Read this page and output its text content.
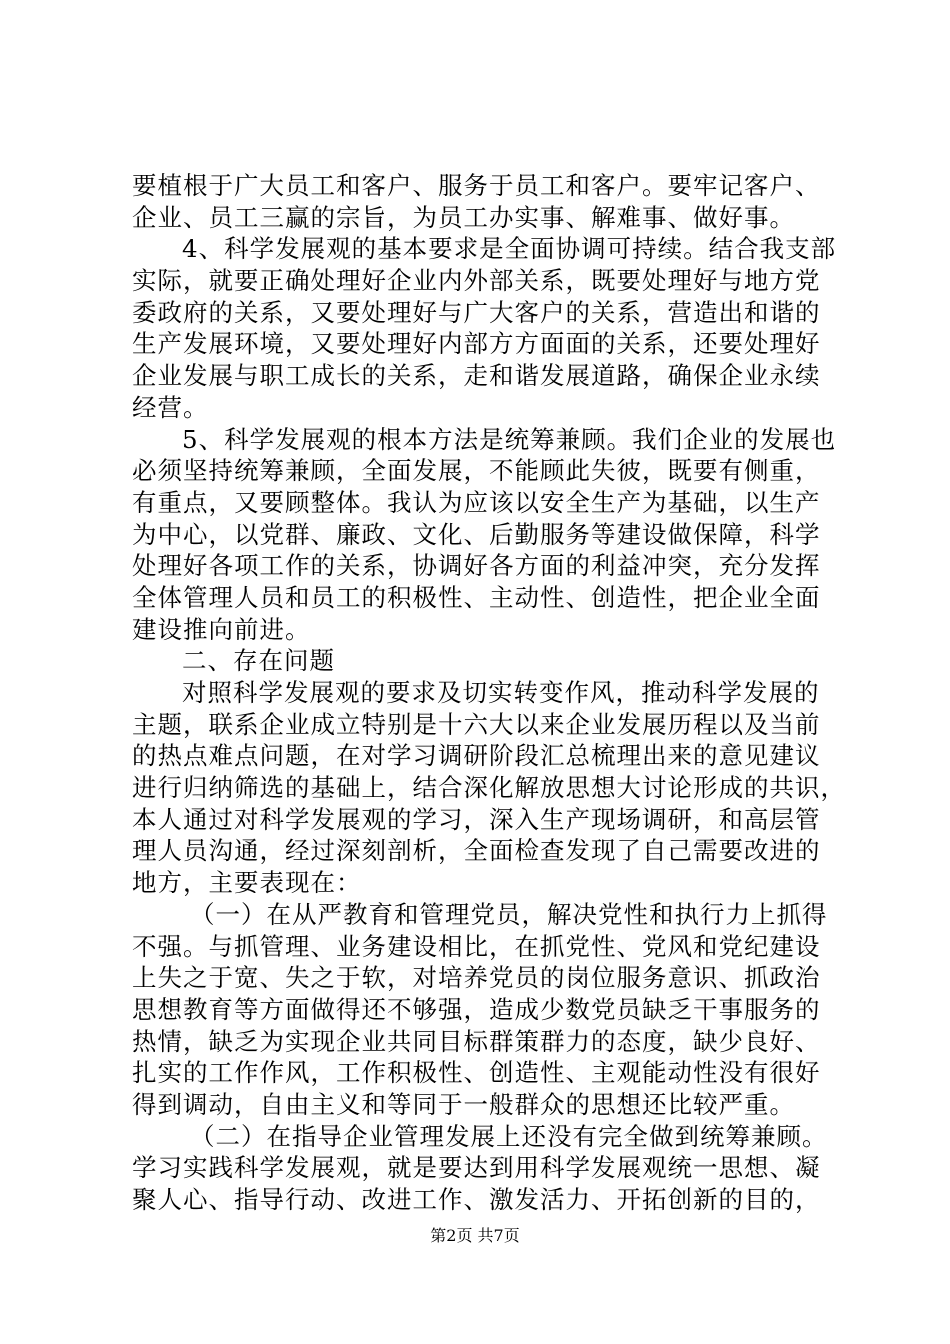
要植根于广大员工和客户、服务于员工和客户。要牢记客户、
企业、员工三赢的宗旨，为员工办实事、解难事、做好事。
4、科学发展观的基本要求是全面协调可持续。结合我支部
实际，就要正确处理好企业内外部关系，既要处理好与地方党
委政府的关系，又要处理好与广大客户的关系，营造出和谐的
生产发展环境，又要处理好内部方方面面的关系，还要处理好
企业发展与职工成长的关系，走和谐发展道路，确保企业永续
经营。
5、科学发展观的根本方法是统筹兼顾。我们企业的发展也
必须坚持统筹兼顾，全面发展，不能顾此失彼，既要有侧重，
有重点，又要顾整体。我认为应该以安全生产为基础，以生产
为中心，以党群、廉政、文化、后勤服务等建设做保障，科学
处理好各项工作的关系，协调好各方面的利益冲突，充分发挥
全体管理人员和员工的积极性、主动性、创造性，把企业全面
建设推向前进。
二、存在问题
对照科学发展观的要求及切实转变作风，推动科学发展的
主题，联系企业成立特别是十六大以来企业发展历程以及当前
的热点难点问题，在对学习调研阶段汇总梳理出来的意见建议
进行归纳筛选的基础上，结合深化解放思想大讨论形成的共识，
本人通过对科学发展观的学习，深入生产现场调研，和高层管
理人员沟通，经过深刻剖析，全面检查发现了自己需要改进的
地方，主要表现在：
（一）在从严教育和管理党员，解决党性和执行力上抓得
不强。与抓管理、业务建设相比，在抓党性、党风和党纪建设
上失之于宽、失之于软，对培养党员的岗位服务意识、抓政治
思想教育等方面做得还不够强，造成少数党员缺乏干事服务的
热情，缺乏为实现企业共同目标群策群力的态度，缺少良好、
扎实的工作作风，工作积极性、创造性、主观能动性没有很好
得到调动，自由主义和等同于一般群众的思想还比较严重。
（二）在指导企业管理发展上还没有完全做到统筹兼顾。
学习实践科学发展观，就是要达到用科学发展观统一思想、凝
聚人心、指导行动、改进工作、激发活力、开拓创新的目的，
第2页 共7页
